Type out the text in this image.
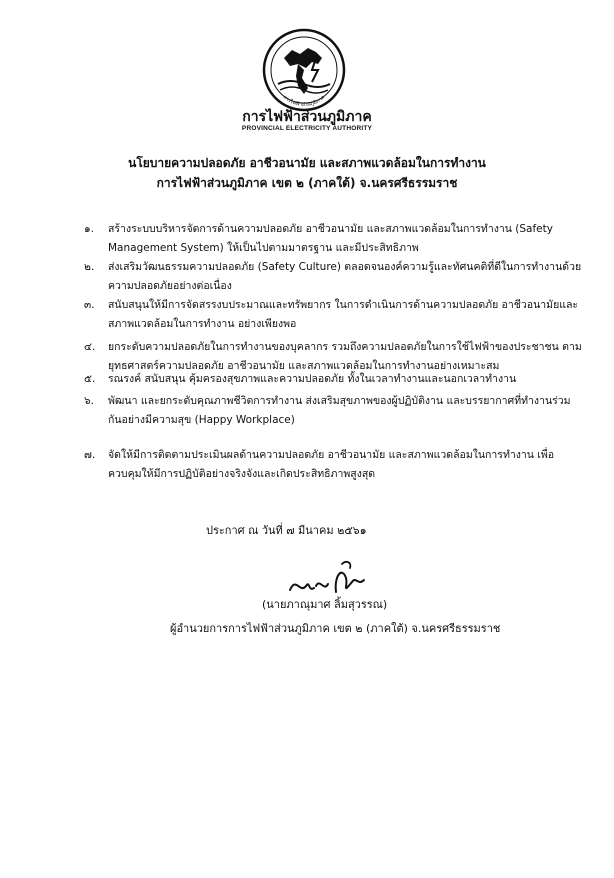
การไฟฟ้าส่วนภูมิภาค
การไฟฟ้าส่วนภูมิภาค
PROVINCIAL ELECTRICITY AUTHORITY
นโยบายความปลอดภัย อาชีวอนามัย และสภาพแวดล้อมในการทำงาน
การไฟฟ้าส่วนภูมิภาค เขต ๒ (ภาคใต้) จ.นครศรีธรรมราช
๑.	สร้างระบบบริหารจัดการด้านความปลอดภัย อาชีวอนามัย และสภาพแวดล้อมในการทำงาน (Safety Management System) ให้เป็นไปตามมาตรฐาน และมีประสิทธิภาพ
๒.	ส่งเสริมวัฒนธรรมความปลอดภัย (Safety Culture) ตลอดจนองค์ความรู้และทัศนคติที่ดีในการทำงานด้วยความปลอดภัยอย่างต่อเนื่อง
๓.	สนับสนุนให้มีการจัดสรรงบประมาณและทรัพยากร ในการดำเนินการด้านความปลอดภัย อาชีวอนามัยและสภาพแวดล้อมในการทำงาน อย่างเพียงพอ
๔.	ยกระดับความปลอดภัยในการทำงานของบุคลากร รวมถึงความปลอดภัยในการใช้ไฟฟ้าของประชาชน ตามยุทธศาสตร์ความปลอดภัย อาชีวอนามัย และสภาพแวดล้อมในการทำงานอย่างเหมาะสม
๕.	รณรงค์ สนับสนุน คุ้มครองสุขภาพและความปลอดภัย ทั้งในเวลาทำงานและนอกเวลาทำงาน
๖.	พัฒนา และยกระดับคุณภาพชีวิตการทำงาน ส่งเสริมสุขภาพของผู้ปฏิบัติงาน และบรรยากาศที่ทำงานร่วมกันอย่างมีความสุข (Happy Workplace)
๗.	จัดให้มีการติดตามประเมินผลด้านความปลอดภัย อาชีวอนามัย และสภาพแวดล้อมในการทำงาน เพื่อควบคุมให้มีการปฏิบัติอย่างจริงจังและเกิดประสิทธิภาพสูงสุด
ประกาศ ณ วันที่ ๗ มีนาคม ๒๕๖๑
(นายภาณุมาศ ลิ้มสุวรรณ)
ผู้อำนวยการการไฟฟ้าส่วนภูมิภาค เขต ๒ (ภาคใต้) จ.นครศรีธรรมราช
